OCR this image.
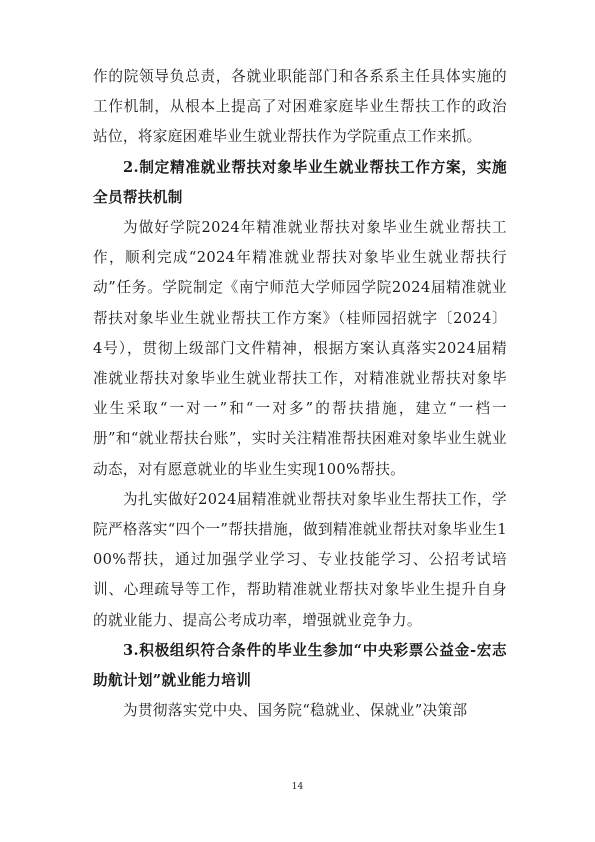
作的院领导负总责，各就业职能部门和各系系主任具体实施的工作机制，从根本上提高了对困难家庭毕业生帮扶工作的政治站位，将家庭困难毕业生就业帮扶作为学院重点工作来抓。

2.制定精准就业帮扶对象毕业生就业帮扶工作方案，实施全员帮扶机制

为做好学院2024年精准就业帮扶对象毕业生就业帮扶工作，顺利完成“2024年精准就业帮扶对象毕业生就业帮扶行动”任务。学院制定《南宁师范大学师园学院2024届精准就业帮扶对象毕业生就业帮扶工作方案》（桂师园招就字〔2024〕4号），贯彻上级部门文件精神，根据方案认真落实2024届精准就业帮扶对象毕业生就业帮扶工作，对精准就业帮扶对象毕业生采取“一对一”和“一对多”的帮扶措施，建立“一档一册”和“就业帮扶台账”，实时关注精准帮扶困难对象毕业生就业动态，对有愿意就业的毕业生实现100%帮扶。

为扎实做好2024届精准就业帮扶对象毕业生帮扶工作，学院严格落实“四个一”帮扶措施，做到精准就业帮扶对象毕业生100%帮扶，通过加强学业学习、专业技能学习、公招考试培训、心理疏导等工作，帮助精准就业帮扶对象毕业生提升自身的就业能力、提高公考成功率，增强就业竞争力。

3.积极组织符合条件的毕业生参加“中央彩票公益金-宏志助航计划”就业能力培训

为贯彻落实党中央、国务院“稳就业、保就业”决策部

14
